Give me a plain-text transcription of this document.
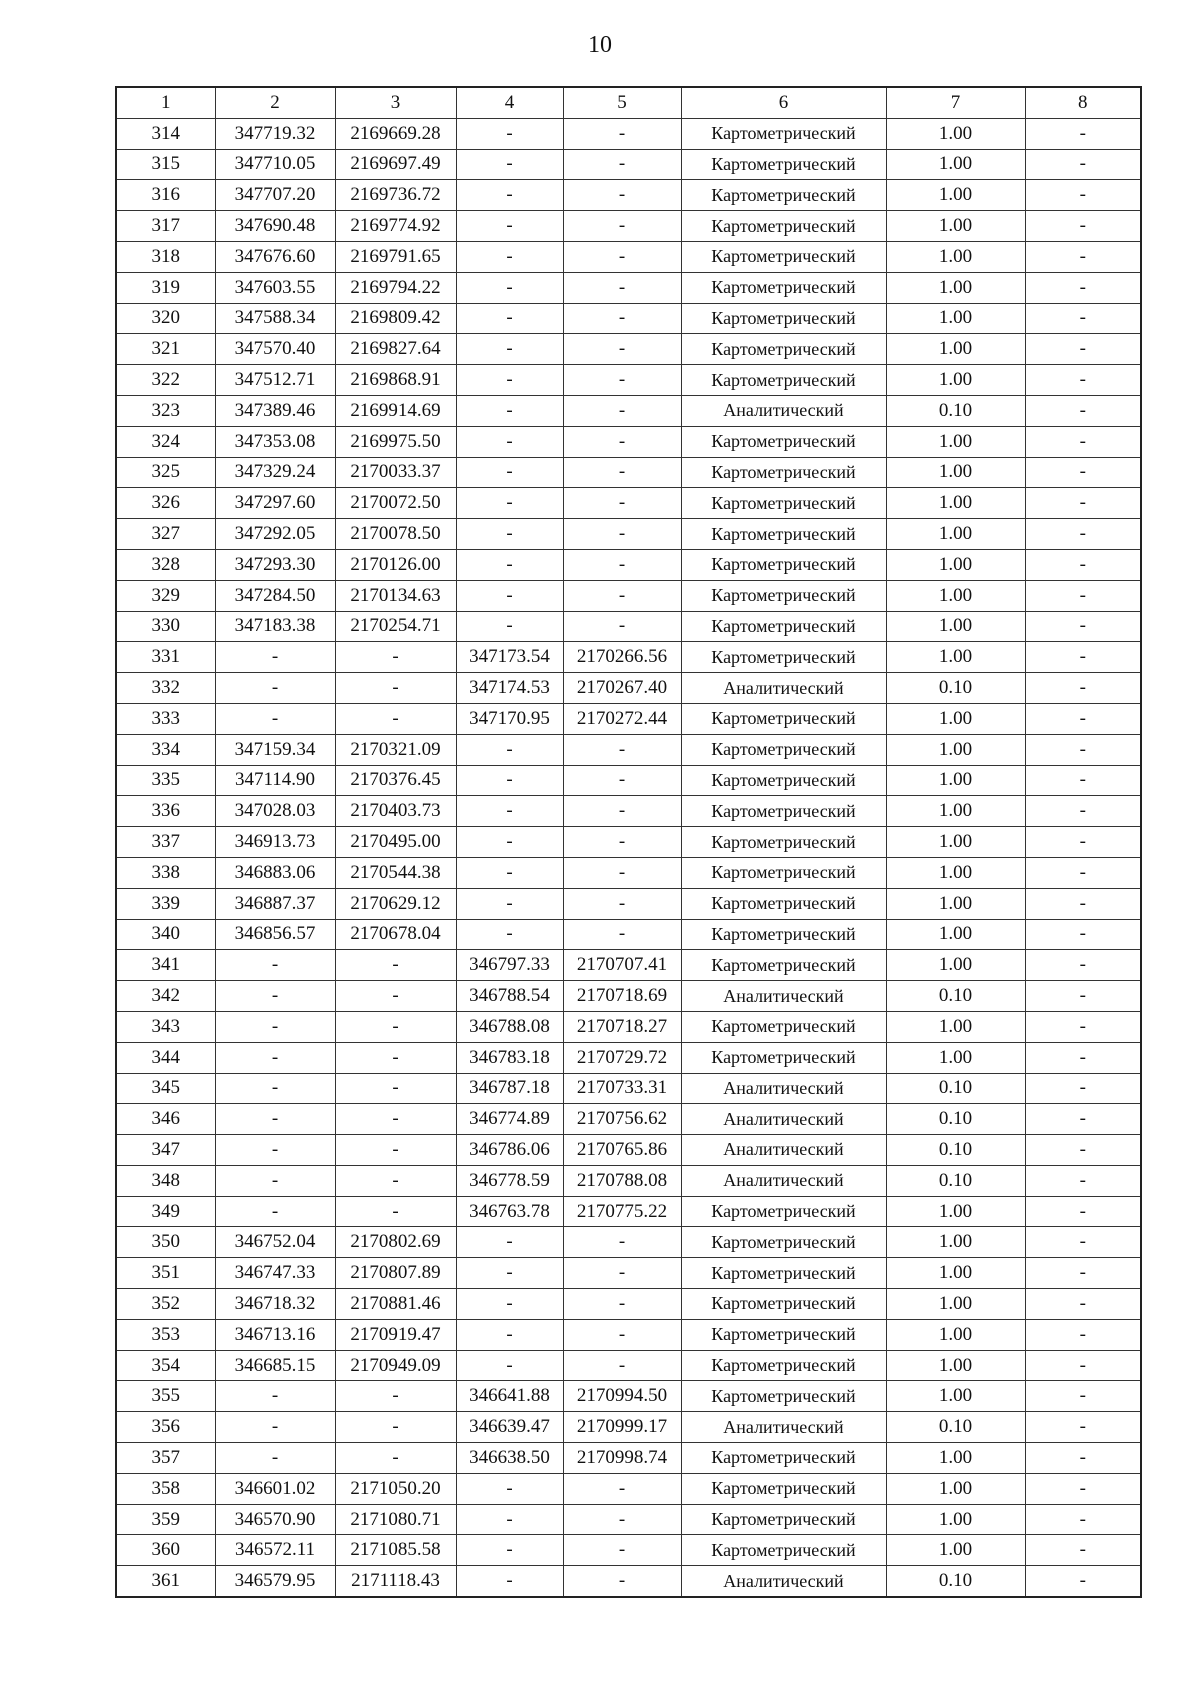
10
1	2	3	4	5	6	7	8
314	347719.32	2169669.28	-	-	Картометрический	1.00	-
315	347710.05	2169697.49	-	-	Картометрический	1.00	-
316	347707.20	2169736.72	-	-	Картометрический	1.00	-
317	347690.48	2169774.92	-	-	Картометрический	1.00	-
318	347676.60	2169791.65	-	-	Картометрический	1.00	-
319	347603.55	2169794.22	-	-	Картометрический	1.00	-
320	347588.34	2169809.42	-	-	Картометрический	1.00	-
321	347570.40	2169827.64	-	-	Картометрический	1.00	-
322	347512.71	2169868.91	-	-	Картометрический	1.00	-
323	347389.46	2169914.69	-	-	Аналитический	0.10	-
324	347353.08	2169975.50	-	-	Картометрический	1.00	-
325	347329.24	2170033.37	-	-	Картометрический	1.00	-
326	347297.60	2170072.50	-	-	Картометрический	1.00	-
327	347292.05	2170078.50	-	-	Картометрический	1.00	-
328	347293.30	2170126.00	-	-	Картометрический	1.00	-
329	347284.50	2170134.63	-	-	Картометрический	1.00	-
330	347183.38	2170254.71	-	-	Картометрический	1.00	-
331	-	-	347173.54	2170266.56	Картометрический	1.00	-
332	-	-	347174.53	2170267.40	Аналитический	0.10	-
333	-	-	347170.95	2170272.44	Картометрический	1.00	-
334	347159.34	2170321.09	-	-	Картометрический	1.00	-
335	347114.90	2170376.45	-	-	Картометрический	1.00	-
336	347028.03	2170403.73	-	-	Картометрический	1.00	-
337	346913.73	2170495.00	-	-	Картометрический	1.00	-
338	346883.06	2170544.38	-	-	Картометрический	1.00	-
339	346887.37	2170629.12	-	-	Картометрический	1.00	-
340	346856.57	2170678.04	-	-	Картометрический	1.00	-
341	-	-	346797.33	2170707.41	Картометрический	1.00	-
342	-	-	346788.54	2170718.69	Аналитический	0.10	-
343	-	-	346788.08	2170718.27	Картометрический	1.00	-
344	-	-	346783.18	2170729.72	Картометрический	1.00	-
345	-	-	346787.18	2170733.31	Аналитический	0.10	-
346	-	-	346774.89	2170756.62	Аналитический	0.10	-
347	-	-	346786.06	2170765.86	Аналитический	0.10	-
348	-	-	346778.59	2170788.08	Аналитический	0.10	-
349	-	-	346763.78	2170775.22	Картометрический	1.00	-
350	346752.04	2170802.69	-	-	Картометрический	1.00	-
351	346747.33	2170807.89	-	-	Картометрический	1.00	-
352	346718.32	2170881.46	-	-	Картометрический	1.00	-
353	346713.16	2170919.47	-	-	Картометрический	1.00	-
354	346685.15	2170949.09	-	-	Картометрический	1.00	-
355	-	-	346641.88	2170994.50	Картометрический	1.00	-
356	-	-	346639.47	2170999.17	Аналитический	0.10	-
357	-	-	346638.50	2170998.74	Картометрический	1.00	-
358	346601.02	2171050.20	-	-	Картометрический	1.00	-
359	346570.90	2171080.71	-	-	Картометрический	1.00	-
360	346572.11	2171085.58	-	-	Картометрический	1.00	-
361	346579.95	2171118.43	-	-	Аналитический	0.10	-
